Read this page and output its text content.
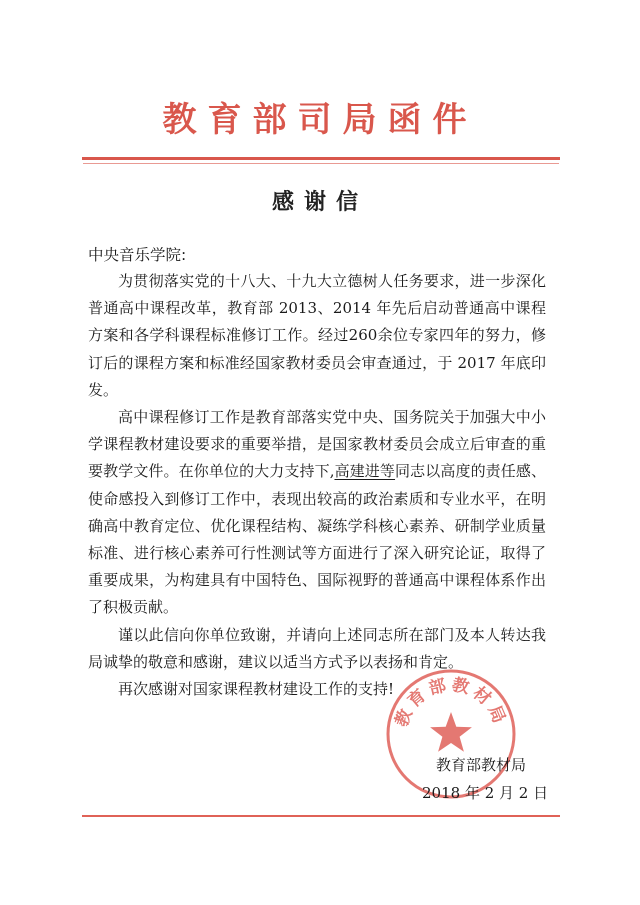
教育部司局函件
感谢信
中央音乐学院:

为贯彻落实党的十八大、十九大立德树人任务要求，进一步深化普通高中课程改革，教育部 2013、2014 年先后启动普通高中课程方案和各学科课程标准修订工作。经过260余位专家四年的努力，修订后的课程方案和标准经国家教材委员会审查通过，于 2017 年底印发。

高中课程修订工作是教育部落实党中央、国务院关于加强大中小学课程教材建设要求的重要举措，是国家教材委员会成立后审查的重要教学文件。在你单位的大力支持下,高建进等同志以高度的责任感、使命感投入到修订工作中，表现出较高的政治素质和专业水平，在明确高中教育定位、优化课程结构、凝练学科核心素养、研制学业质量标准、进行核心素养可行性测试等方面进行了深入研究论证，取得了重要成果，为构建具有中国特色、国际视野的普通高中课程体系作出了积极贡献。

谨以此信向你单位致谢，并请向上述同志所在部门及本人转达我局诚挚的敬意和感谢，建议以适当方式予以表扬和肯定。

再次感谢对国家课程教材建设工作的支持!

教育部教材局
教育部教材局
2018 年 2 月 2 日
